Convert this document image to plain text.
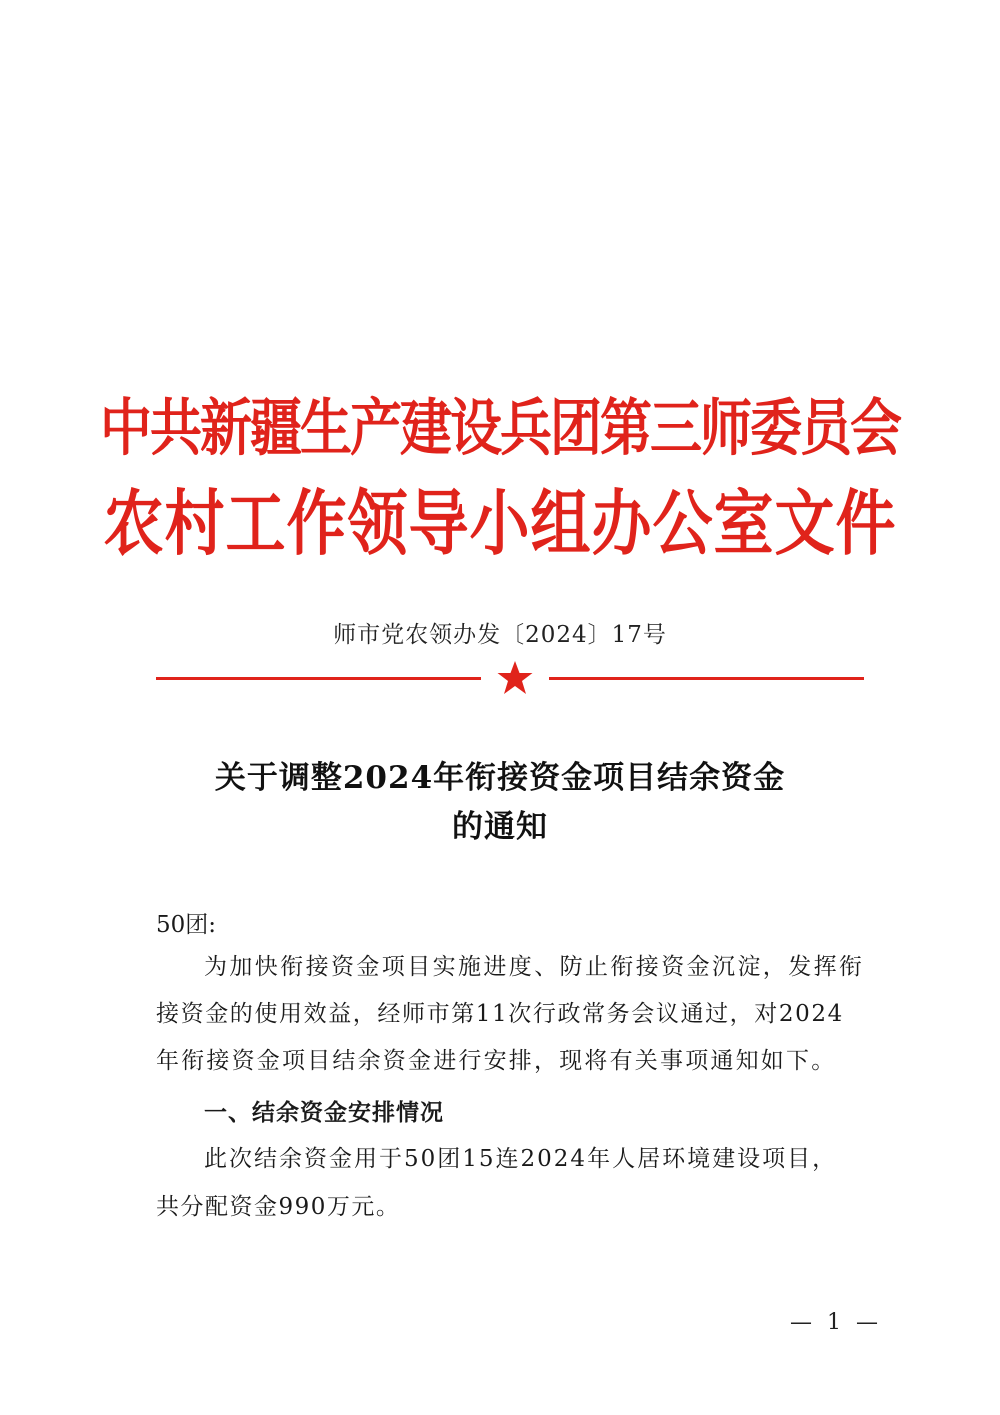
中共新疆生产建设兵团第三师委员会
农村工作领导小组办公室文件
师市党农领办发〔2024〕17号
关于调整2024年衔接资金项目结余资金
的通知
50团:
为加快衔接资金项目实施进度、防止衔接资金沉淀，发挥衔
接资金的使用效益，经师市第11次行政常务会议通过，对2024
年衔接资金项目结余资金进行安排，现将有关事项通知如下。
一、结余资金安排情况
此次结余资金用于50团15连2024年人居环境建设项目，
共分配资金990万元。
— 1 —
